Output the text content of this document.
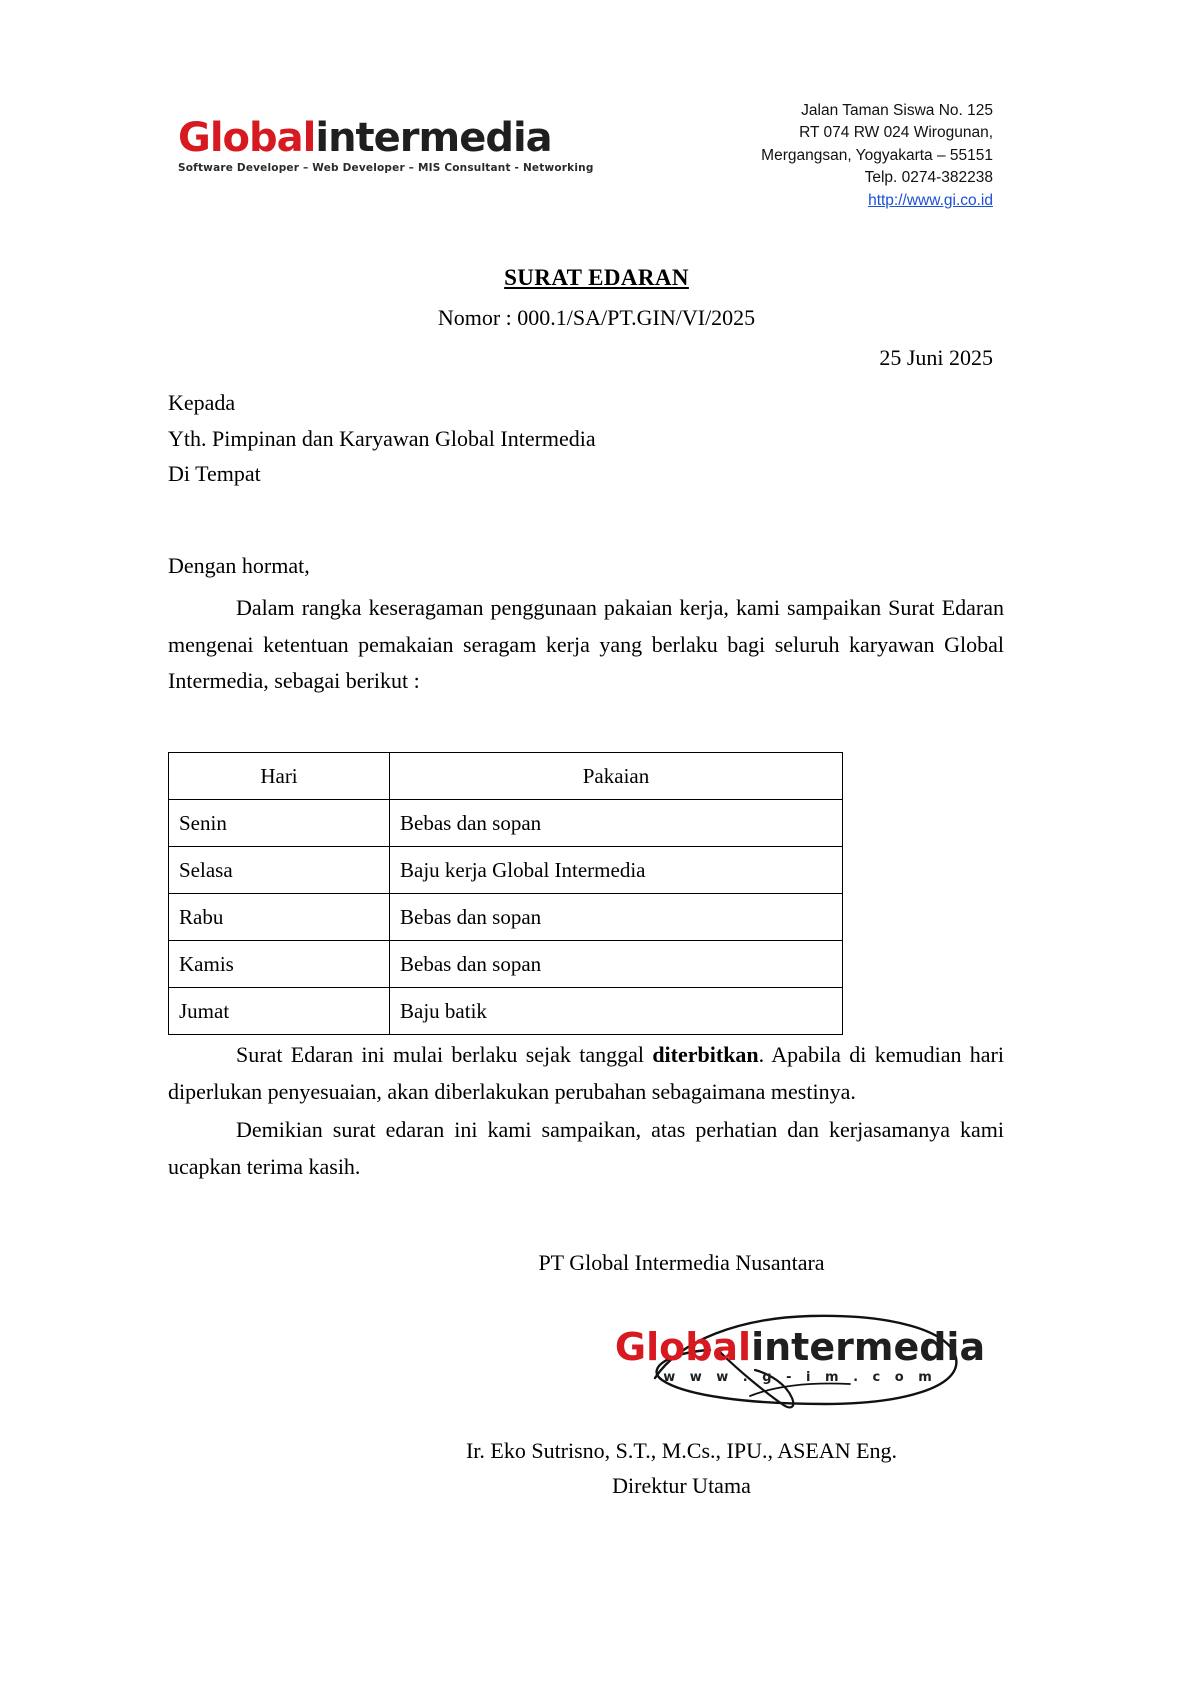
Globalintermedia
Software Developer – Web Developer – MIS Consultant - Networking
Jalan Taman Siswa No. 125
RT 074 RW 024 Wirogunan,
Mergangsan, Yogyakarta – 55151
Telp. 0274-382238
http://www.gi.co.id
SURAT EDARAN
Nomor : 000.1/SA/PT.GIN/VI/2025
25 Juni 2025
Kepada
Yth. Pimpinan dan Karyawan Global Intermedia
Di Tempat
Dengan hormat,
Dalam rangka keseragaman penggunaan pakaian kerja, kami sampaikan Surat Edaran mengenai ketentuan pemakaian seragam kerja yang berlaku bagi seluruh karyawan Global Intermedia, sebagai berikut :
Hari	Pakaian
Senin	Bebas dan sopan
Selasa	Baju kerja Global Intermedia
Rabu	Bebas dan sopan
Kamis	Bebas dan sopan
Jumat	Baju batik
Surat Edaran ini mulai berlaku sejak tanggal diterbitkan. Apabila di kemudian hari diperlukan penyesuaian, akan diberlakukan perubahan sebagaimana mestinya.
Demikian surat edaran ini kami sampaikan, atas perhatian dan kerjasamanya kami ucapkan terima kasih.
PT Global Intermedia Nusantara
Globalintermedia
w w w . g - i m . c o m
Ir. Eko Sutrisno, S.T., M.Cs., IPU., ASEAN Eng.
Direktur Utama
